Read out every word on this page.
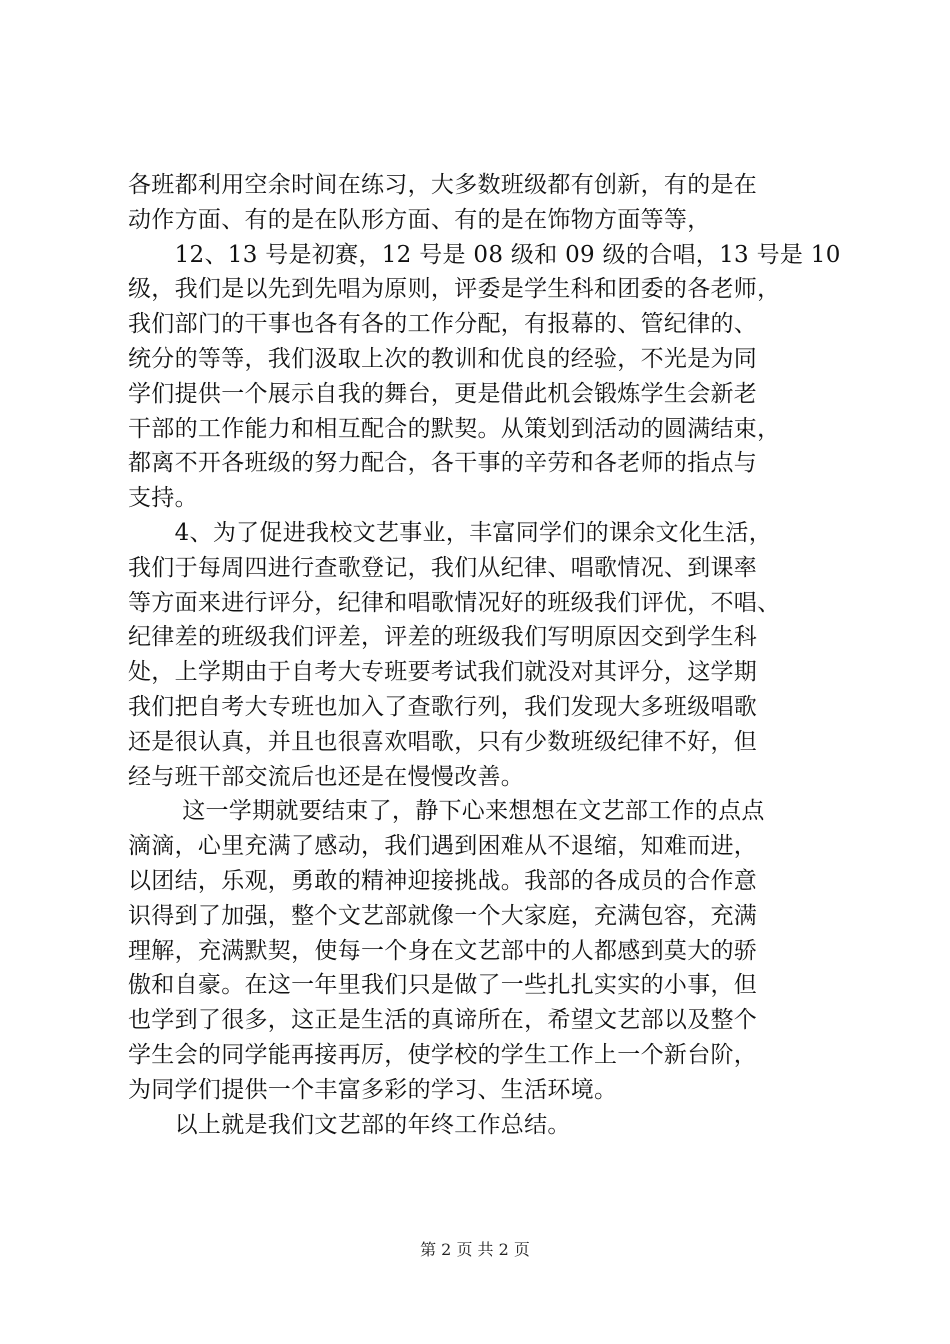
各班都利用空余时间在练习，大多数班级都有创新，有的是在
动作方面、有的是在队形方面、有的是在饰物方面等等，
　　12、13 号是初赛，12 号是 08 级和 09 级的合唱，13 号是 10
级，我们是以先到先唱为原则，评委是学生科和团委的各老师，
我们部门的干事也各有各的工作分配，有报幕的、管纪律的、
统分的等等，我们汲取上次的教训和优良的经验，不光是为同
学们提供一个展示自我的舞台，更是借此机会锻炼学生会新老
干部的工作能力和相互配合的默契。从策划到活动的圆满结束，
都离不开各班级的努力配合，各干事的辛劳和各老师的指点与
支持。
　　4、为了促进我校文艺事业，丰富同学们的课余文化生活，
我们于每周四进行查歌登记，我们从纪律、唱歌情况、到课率
等方面来进行评分，纪律和唱歌情况好的班级我们评优，不唱、
纪律差的班级我们评差，评差的班级我们写明原因交到学生科
处，上学期由于自考大专班要考试我们就没对其评分，这学期
我们把自考大专班也加入了查歌行列，我们发现大多班级唱歌
还是很认真，并且也很喜欢唱歌，只有少数班级纪律不好，但
经与班干部交流后也还是在慢慢改善。
　　 这一学期就要结束了，静下心来想想在文艺部工作的点点
滴滴，心里充满了感动，我们遇到困难从不退缩，知难而进，
以团结，乐观，勇敢的精神迎接挑战。我部的各成员的合作意
识得到了加强，整个文艺部就像一个大家庭，充满包容，充满
理解，充满默契，使每一个身在文艺部中的人都感到莫大的骄
傲和自豪。在这一年里我们只是做了一些扎扎实实的小事，但
也学到了很多，这正是生活的真谛所在，希望文艺部以及整个
学生会的同学能再接再厉，使学校的学生工作上一个新台阶，
为同学们提供一个丰富多彩的学习、生活环境。
　　以上就是我们文艺部的年终工作总结。
第 2 页 共 2 页
